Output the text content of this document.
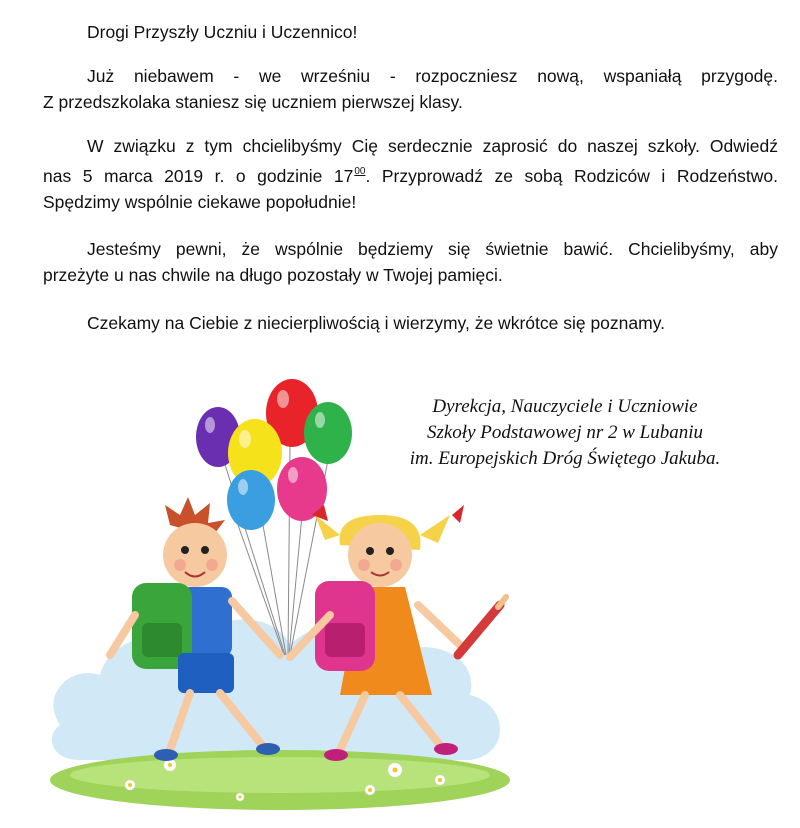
Drogi Przyszły Uczniu i Uczennico!

Już niebawem - we wrześniu - rozpoczniesz nową, wspaniałą przygodę.
Z przedszkolaka staniesz się uczniem pierwszej klasy.

W związku z tym chcielibyśmy Cię serdecznie zaprosić do naszej szkoły. Odwiedź
nas 5 marca 2019 r. o godzinie $17^{00}$. Przyprowadź ze sobą Rodziców i Rodzeństwo.
Spędzimy wspólnie ciekawe popołudnie!

Jesteśmy pewni, że wspólnie będziemy się świetnie bawić. Chcielibyśmy, aby
przeżyte u nas chwile na długo pozostały w Twojej pamięci.

Czekamy na Ciebie z niecierpliwością i wierzymy, że wkrótce się poznamy.

Dyrekcja, Nauczyciele i Uczniowie
Szkoły Podstawowej nr 2 w Lubaniu
im. Europejskich Dróg Świętego Jakuba.
